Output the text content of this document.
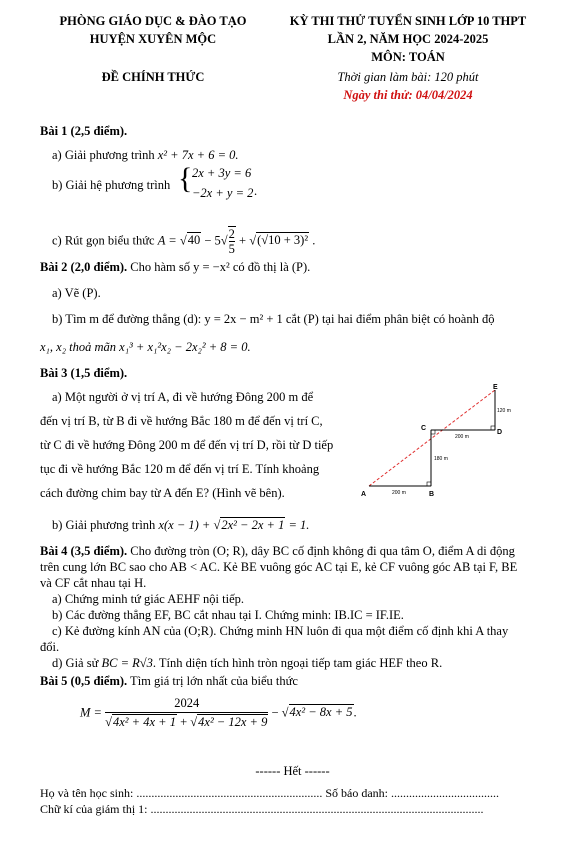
PHÒNG GIÁO DỤC & ĐÀO TẠO
HUYỆN XUYÊN MỘC
ĐỀ CHÍNH THỨC
KỲ THI THỬ TUYỂN SINH LỚP 10 THPT
LẦN 2, NĂM HỌC 2024-2025
MÔN: TOÁN
Thời gian làm bài: 120 phút
Ngày thi thử: 04/04/2024
Bài 1 (2,5 điểm).
a) Giải phương trình x² + 7x + 6 = 0.
b) Giải hệ phương trình { 2x + 3y = 6
−2x + y = 2 .
c) Rút gọn biểu thức $A = √40 - 5√ \frac{2}{5} + √(√10 + 3)^2$ .
Bài 2 (2,0 điểm). Cho hàm số y = −x² có đồ thị là (P).
a) Vẽ (P).
b) Tìm m để đường thẳng (d): y = 2x − m² + 1 cắt (P) tại hai điểm phân biệt có hoành độ
x₁, x₂ thoả mãn x₁³ + x₁²x₂ − 2x₂² + 8 = 0.
Bài 3 (1,5 điểm).
a) Một người ở vị trí A, đi về hướng Đông 200 m để
đến vị trí B, từ B đi về hướng Bắc 180 m để đến vị trí C,
từ C đi về hướng Đông 200 m để đến vị trí D, rồi từ D tiếp
tục đi về hướng Bắc 120 m để đến vị trí E. Tính khoảng
cách đường chim bay từ A đến E? (Hình vẽ bên).	A	B
C
D
E
200 m
180 m
200 m
120 m
b) Giải phương trình x(x − 1) + √2x² − 2x + 1 = 1.
Bài 4 (3,5 điểm). Cho đường tròn (O; R), dây BC cố định không đi qua tâm O, điểm A di động
trên cung lớn BC sao cho AB < AC. Kẻ BE vuông góc AC tại E, kẻ CF vuông góc AB tại F, BE
và CF cắt nhau tại H.
a) Chứng minh tứ giác AEHF nội tiếp.
b) Các đường thẳng EF, BC cắt nhau tại I. Chứng minh: IB.IC = IF.IE.
c) Kẻ đường kính AN của (O;R). Chứng minh HN luôn đi qua một điểm cố định khi A thay
đổi.
d) Giả sử BC = R√3. Tính diện tích hình tròn ngoại tiếp tam giác HEF theo R.
Bài 5 (0,5 điểm). Tìm giá trị lớn nhất của biểu thức
$M = \frac{2024}{\text{√4x² + 4x + 1 + √4x² − 12x + 9}} - √4x^2 - 8x + 5$.
------ Hết ------
Họ và tên học sinh: .............................................................. Số báo danh: ....................................
Chữ kí của giám thị 1: ...............................................................................................................
